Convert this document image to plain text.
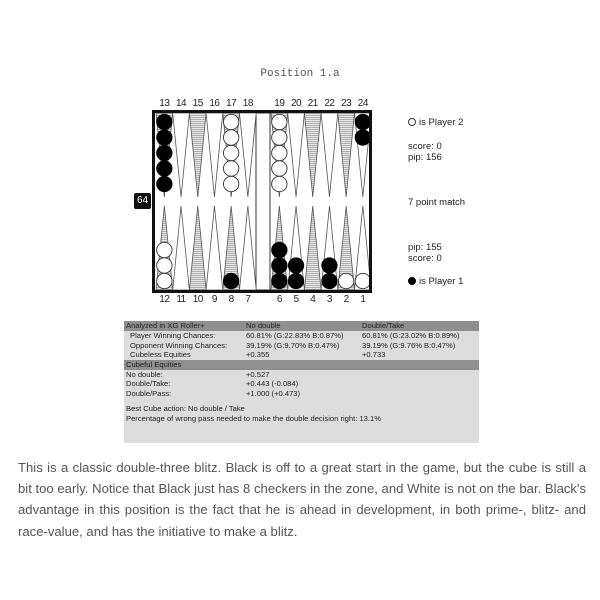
Position 1.a
13 14 15 16 17 18 19 20 21 22 23 24
12 11 10 9	8	7	6	5	4	3	2	1
64
is Player 2
score: 0
pip: 156
7 point match
pip: 155
score: 0
is Player 1
Analyzed in XG Roller+	No double	Double/Take
Player Winning Chances:	60.81% (G:22.83% B:0.87%) 60.81% (G:23.02% B:0.89%)
Opponent Winning Chances: 39.19% (G:9.70% B:0.47%)	39.19% (G:9.76% B:0.47%)
Cubeless Equities	+0.355	+0.733
Cubeful Equities
No double:	+0.527
Double/Take:	+0.443 (-0.084)
Double/Pass:	+1.000 (+0.473)
Best Cube action: No double / Take
Percentage of wrong pass needed to make the double decision right: 13.1%
This is a classic double-three blitz. Black is off to a great start in the game, but the cube is still a bit too early. Notice that Black just has 8 checkers in the zone, and White is not on the bar. Black's advantage in this position is the fact that he is ahead in development, in both prime-, blitz- and race-value, and has the initiative to make a blitz.
